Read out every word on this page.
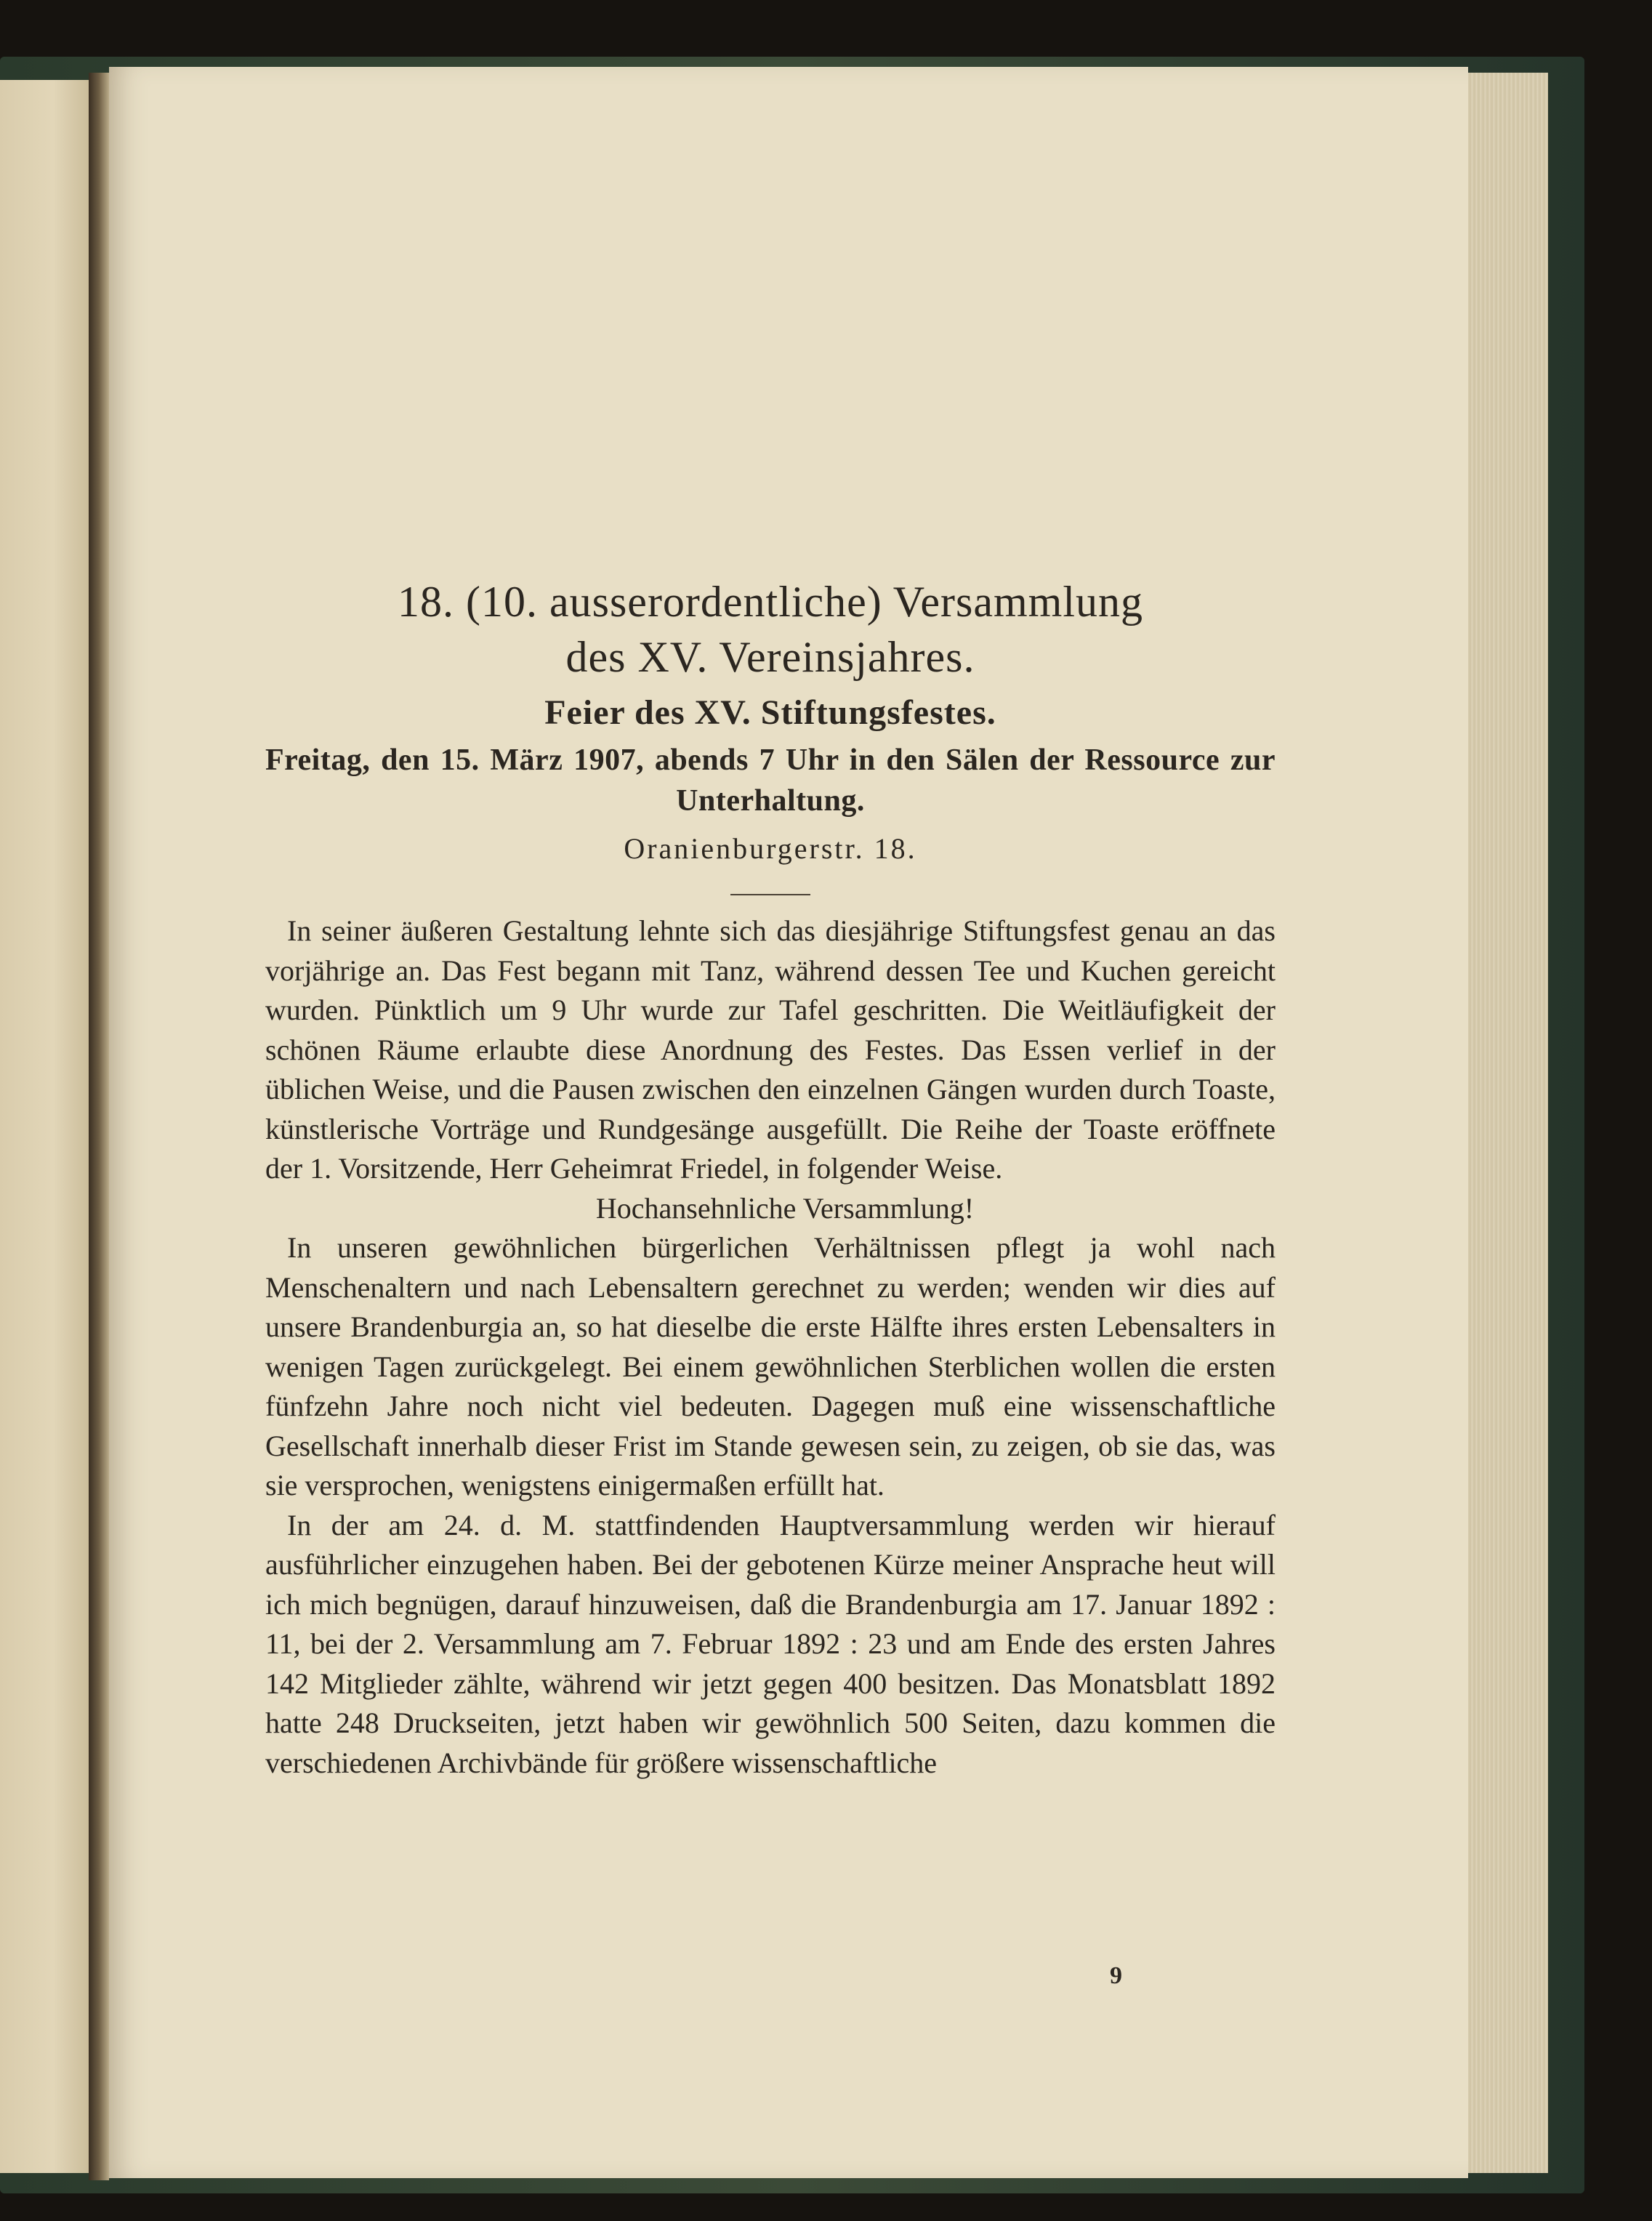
18. (10. ausserordentliche) Versammlung
des XV. Vereinsjahres.

Feier des XV. Stiftungsfestes.

Freitag, den 15. März 1907, abends 7 Uhr in den Sälen der Ressource zur Unterhaltung.

Oranienburgerstr. 18.

In seiner äußeren Gestaltung lehnte sich das diesjährige Stiftungsfest genau an das vorjährige an. Das Fest begann mit Tanz, während dessen Tee und Kuchen gereicht wurden. Pünktlich um 9 Uhr wurde zur Tafel geschritten. Die Weitläufigkeit der schönen Räume erlaubte diese Anordnung des Festes. Das Essen verlief in der üblichen Weise, und die Pausen zwischen den einzelnen Gängen wurden durch Toaste, künstlerische Vorträge und Rundgesänge ausgefüllt. Die Reihe der Toaste eröffnete der 1. Vorsitzende, Herr Geheimrat Friedel, in folgender Weise.

Hochansehnliche Versammlung!

In unseren gewöhnlichen bürgerlichen Verhältnissen pflegt ja wohl nach Menschenaltern und nach Lebensaltern gerechnet zu werden; wenden wir dies auf unsere Brandenburgia an, so hat dieselbe die erste Hälfte ihres ersten Lebensalters in wenigen Tagen zurückgelegt. Bei einem gewöhnlichen Sterblichen wollen die ersten fünfzehn Jahre noch nicht viel bedeuten. Dagegen muß eine wissenschaftliche Gesellschaft innerhalb dieser Frist im Stande gewesen sein, zu zeigen, ob sie das, was sie versprochen, wenigstens einigermaßen erfüllt hat.

In der am 24. d. M. stattfindenden Hauptversammlung werden wir hierauf ausführlicher einzugehen haben. Bei der gebotenen Kürze meiner Ansprache heut will ich mich begnügen, darauf hinzuweisen, daß die Brandenburgia am 17. Januar 1892 : 11, bei der 2. Versammlung am 7. Februar 1892 : 23 und am Ende des ersten Jahres 142 Mitglieder zählte, während wir jetzt gegen 400 besitzen. Das Monatsblatt 1892 hatte 248 Druckseiten, jetzt haben wir gewöhnlich 500 Seiten, dazu kommen die verschiedenen Archivbände für größere wissenschaftliche

9
